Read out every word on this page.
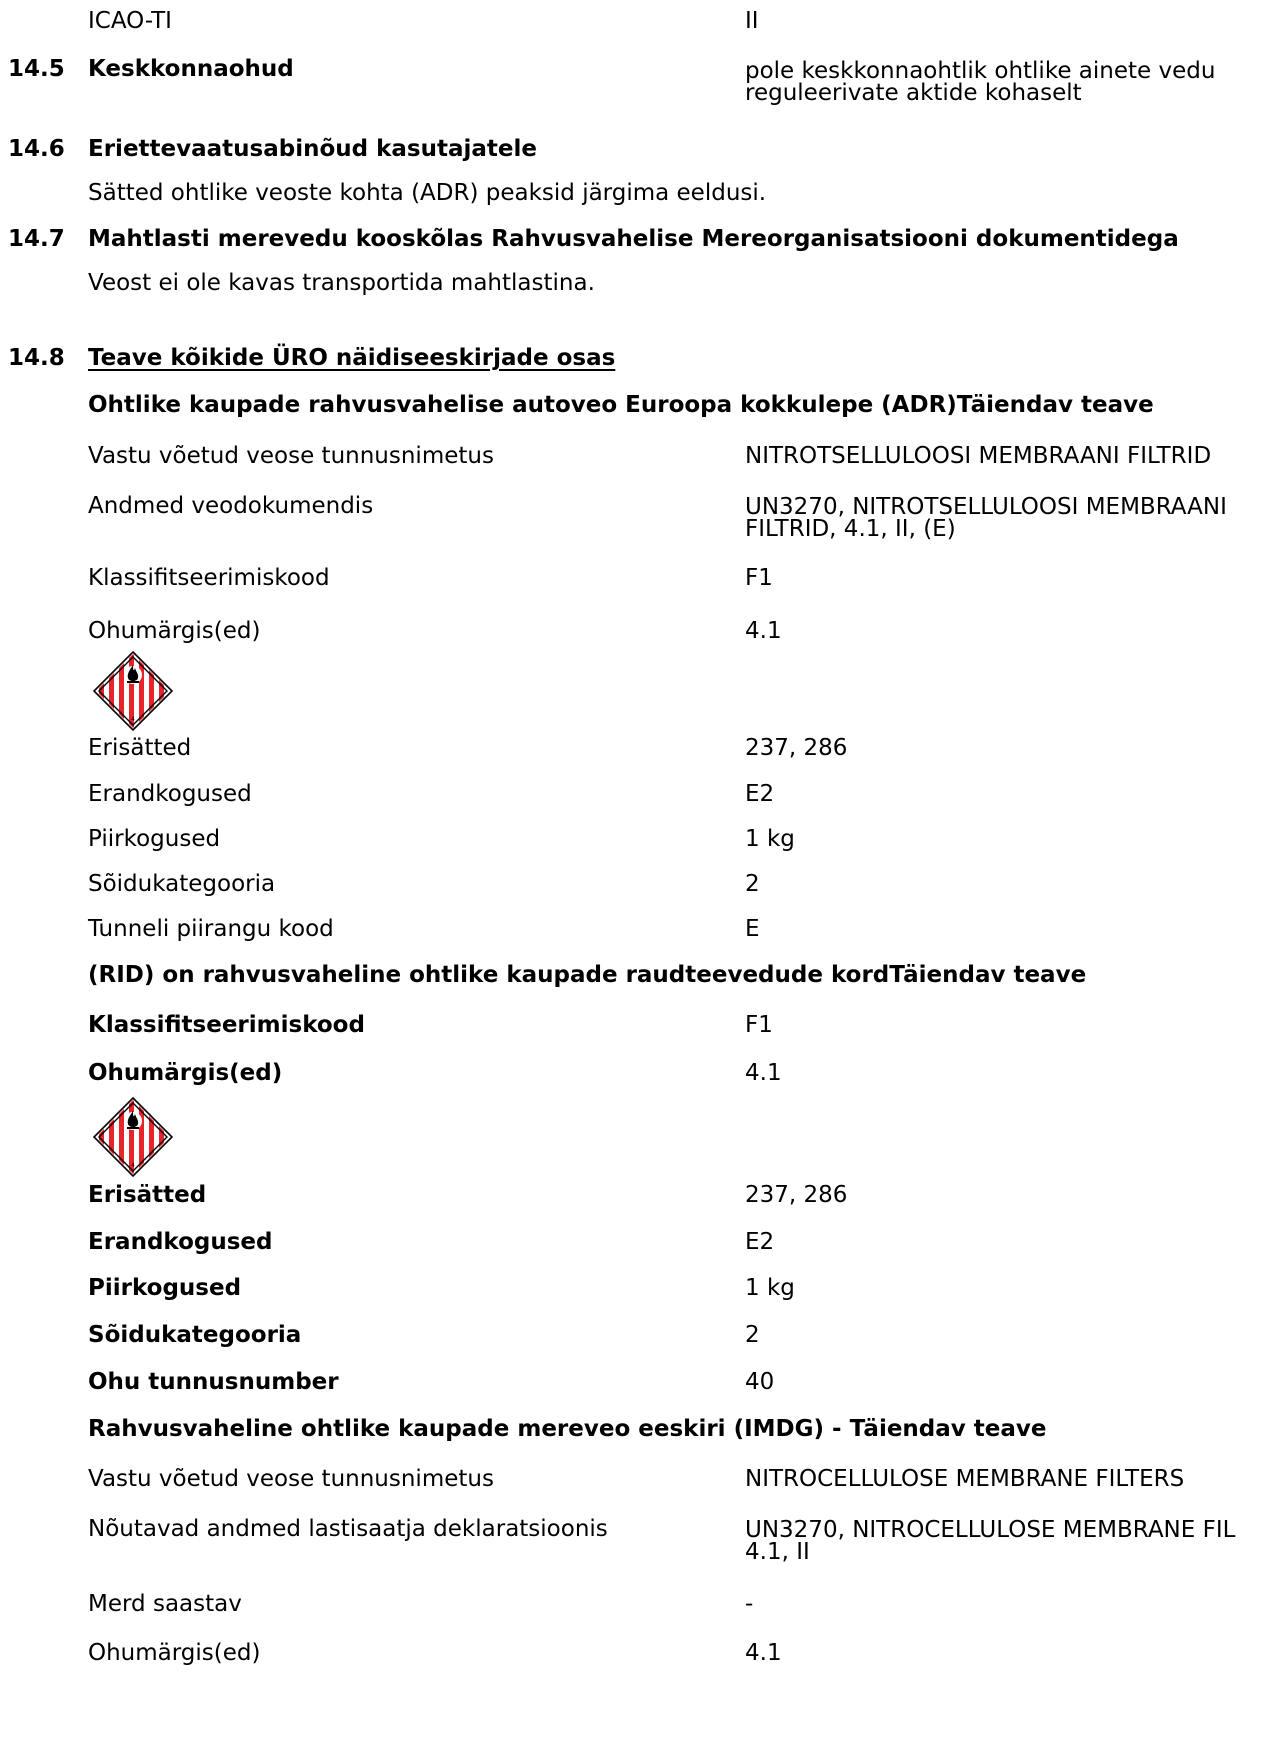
ICAO-TI	II
14.5 Keskkonnaohud	pole keskkonnaohtlik ohtlike ainete vedu
reguleerivate aktide kohaselt
14.6 Eriettevaatusabinõud kasutajatele
Sätted ohtlike veoste kohta (ADR) peaksid järgima eeldusi.
14.7 Mahtlasti merevedu kooskõlas Rahvusvahelise Mereorganisatsiooni dokumentidega
Veost ei ole kavas transportida mahtlastina.
14.8 Teave kõikide ÜRO näidiseeskirjade osas
Ohtlike kaupade rahvusvahelise autoveo Euroopa kokkulepe (ADR)Täiendav teave
Vastu võetud veose tunnusnimetus	NITROTSELLULOOSI MEMBRAANI FILTRID
Andmed veodokumendis	UN3270, NITROTSELLULOOSI MEMBRAANI
FILTRID, 4.1, II, (E)
Klassifitseerimiskood	F1
Ohumärgis(ed)	4.1
4
Erisätted	237, 286
Erandkogused	E2
Piirkogused	1 kg
Sõidukategooria	2
Tunneli piirangu kood	E
(RID) on rahvusvaheline ohtlike kaupade raudteevedude kordTäiendav teave
Klassifitseerimiskood	F1
Ohumärgis(ed)	4.1
4
Erisätted	237, 286
Erandkogused	E2
Piirkogused	1 kg
Sõidukategooria	2
Ohu tunnusnumber	40
Rahvusvaheline ohtlike kaupade mereveo eeskiri (IMDG) - Täiendav teave
Vastu võetud veose tunnusnimetus	NITROCELLULOSE MEMBRANE FILTERS
Nõutavad andmed lastisaatja deklaratsioonis	UN3270, NITROCELLULOSE MEMBRANE FIL
4.1, II
Merd saastav	-
Ohumärgis(ed)	4.1
